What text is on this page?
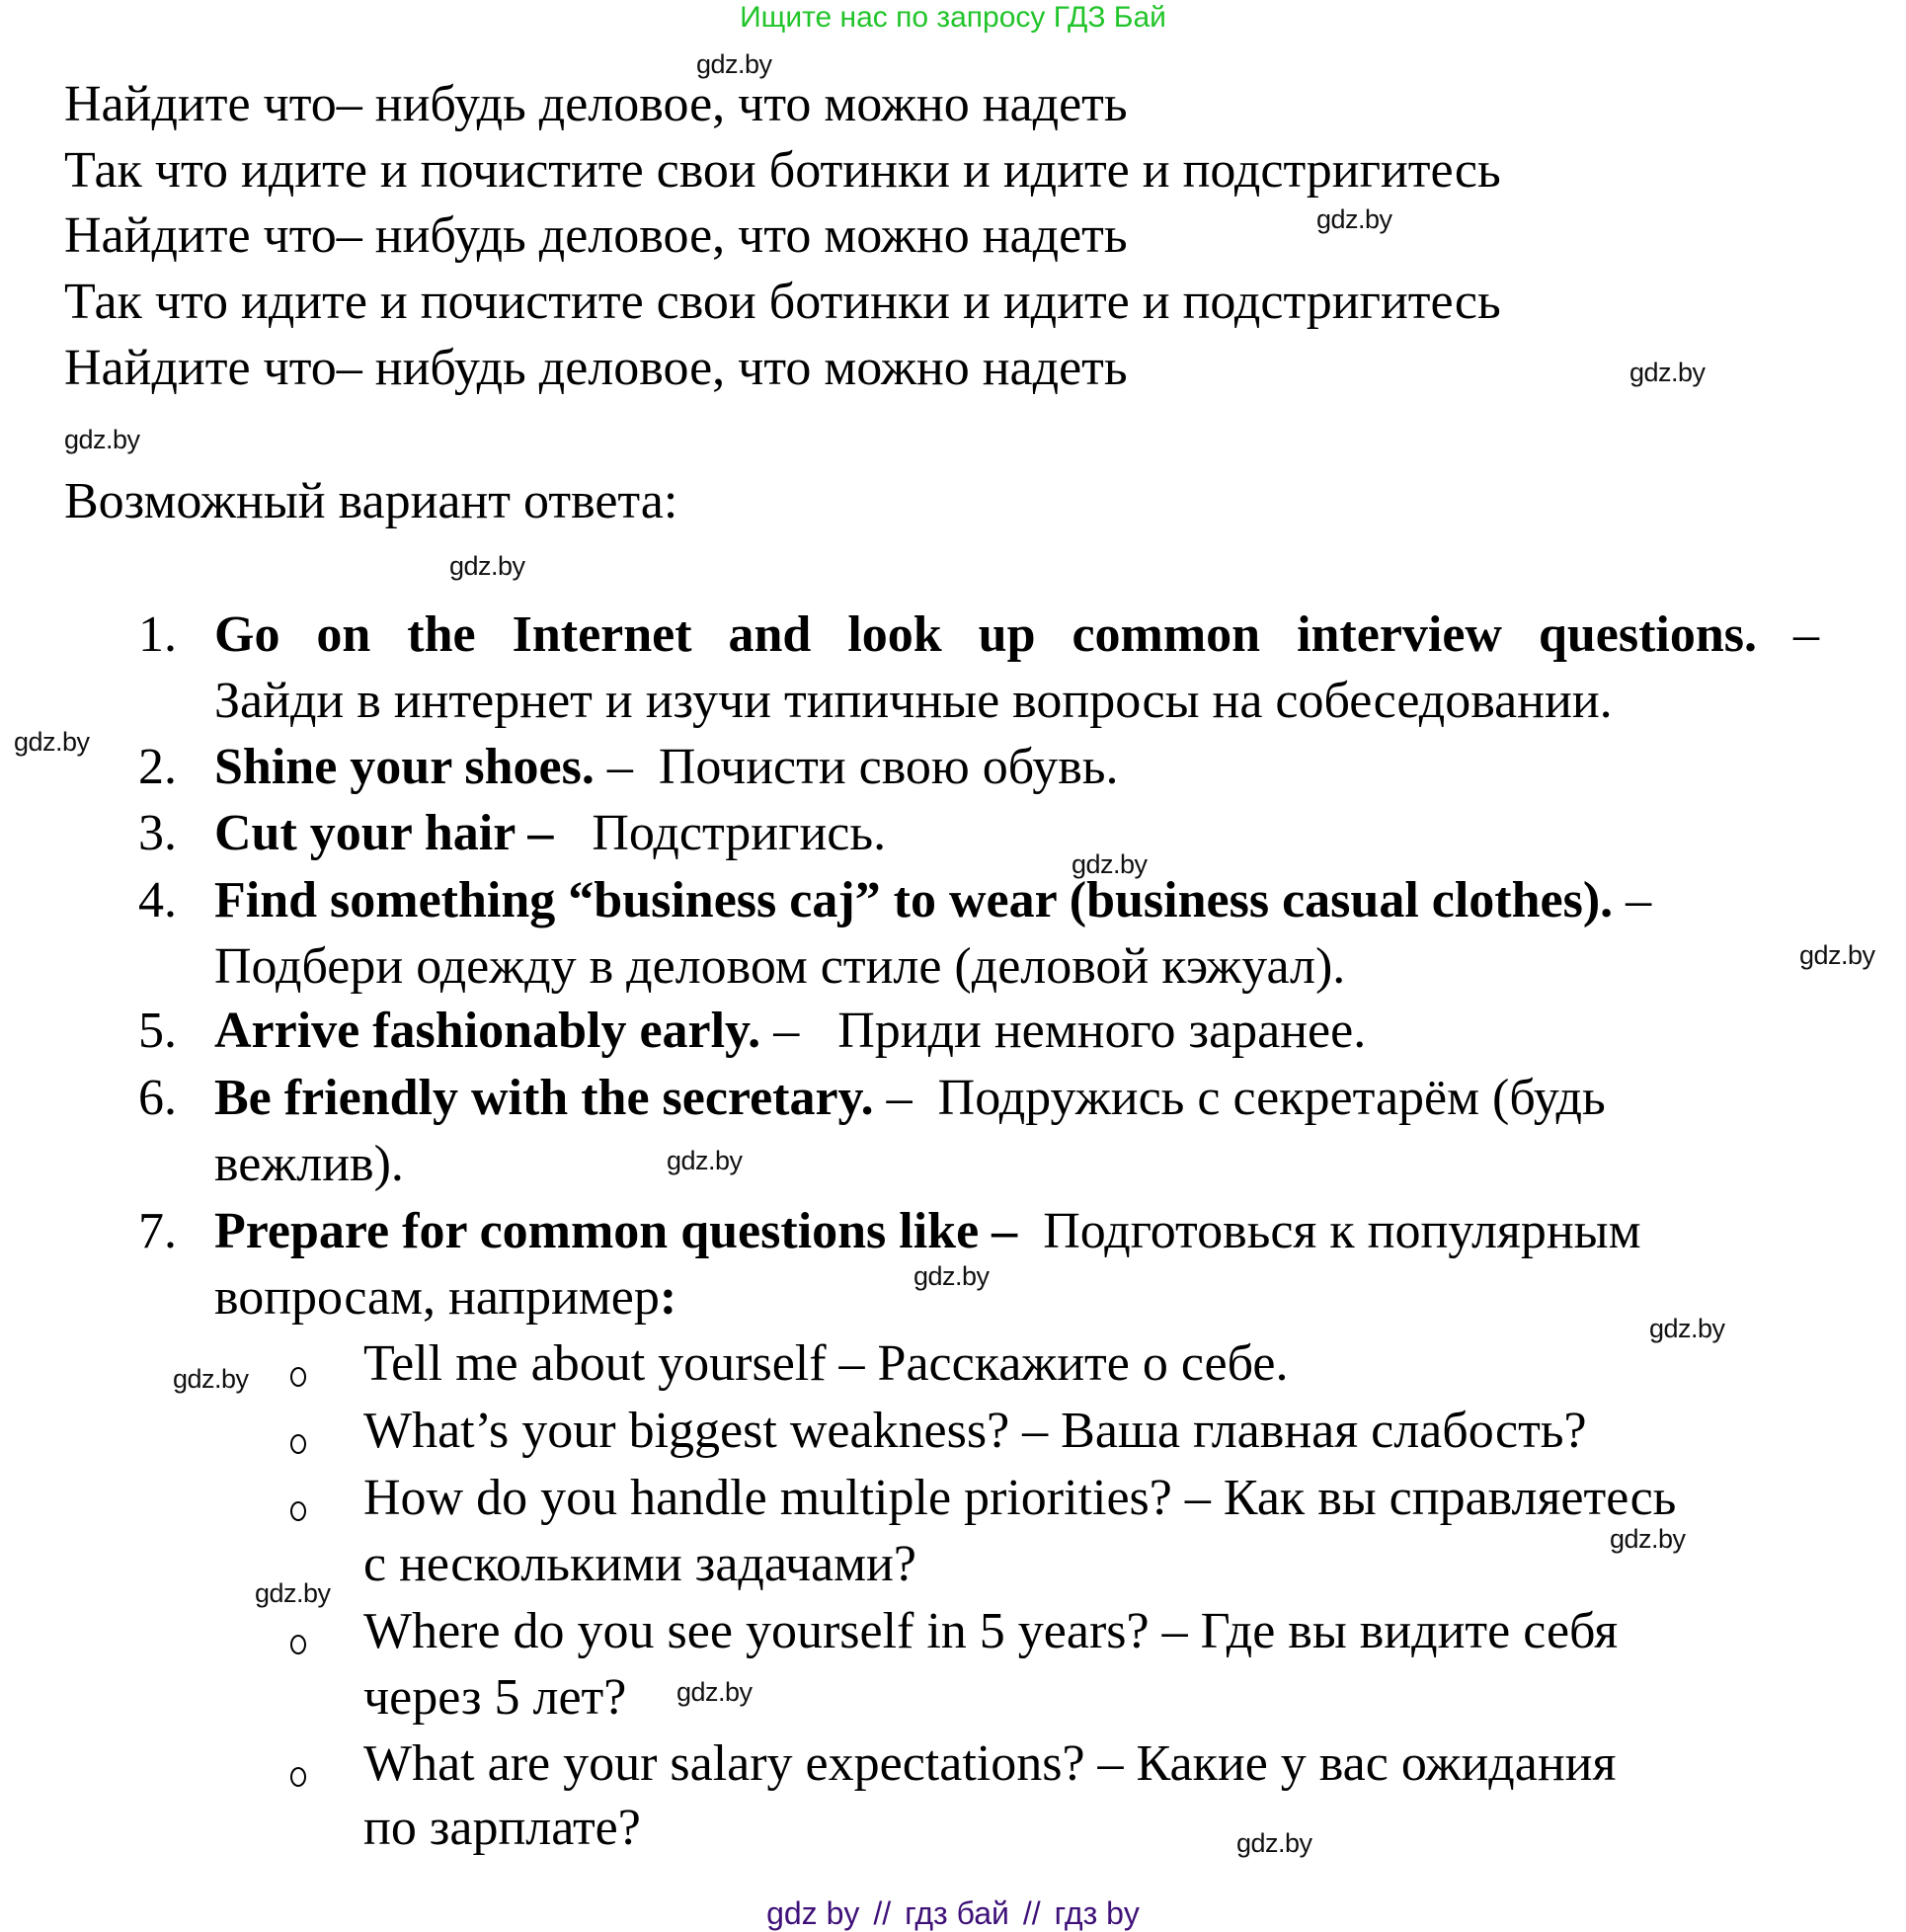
Ищите нас по запросу ГДЗ Бай
gdz.by
gdz.by
gdz.by
gdz.by
gdz.by
gdz.by
gdz.by
gdz.by
gdz.by
gdz.by
gdz.by
gdz.by
gdz.by
gdz.by
gdz.by
gdz.by
Найдите что– нибудь деловое, что можно надеть
Так что идите и почистите свои ботинки и идите и подстригитесь
Найдите что– нибудь деловое, что можно надеть
Так что идите и почистите свои ботинки и идите и подстригитесь
Найдите что– нибудь деловое, что можно надеть
Возможный вариант ответа:
1. Go on the Internet and look up common interview questions. –
Зайди в интернет и изучи типичные вопросы на собеседовании.
2. Shine your shoes. –  Почисти свою обувь.
3. Cut your hair –   Подстригись.
4. Find something “business caj” to wear (business casual clothes). –
Подбери одежду в деловом стиле (деловой кэжуал).
5. Arrive fashionably early. –   Приди немного заранее.
6. Be friendly with the secretary. –  Подружись с секретарём (будь
вежлив).
7. Prepare for common questions like –  Подготовься к популярным
вопросам, например:
Tell me about yourself – Расскажите о себе.
What’s your biggest weakness? – Ваша главная слабость?
How do you handle multiple priorities? – Как вы справляетесь
с несколькими задачами?
Where do you see yourself in 5 years? – Где вы видите себя
через 5 лет?
What are your salary expectations? – Какие у вас ожидания
по зарплате?
gdz by // гдз бай // гдз by
